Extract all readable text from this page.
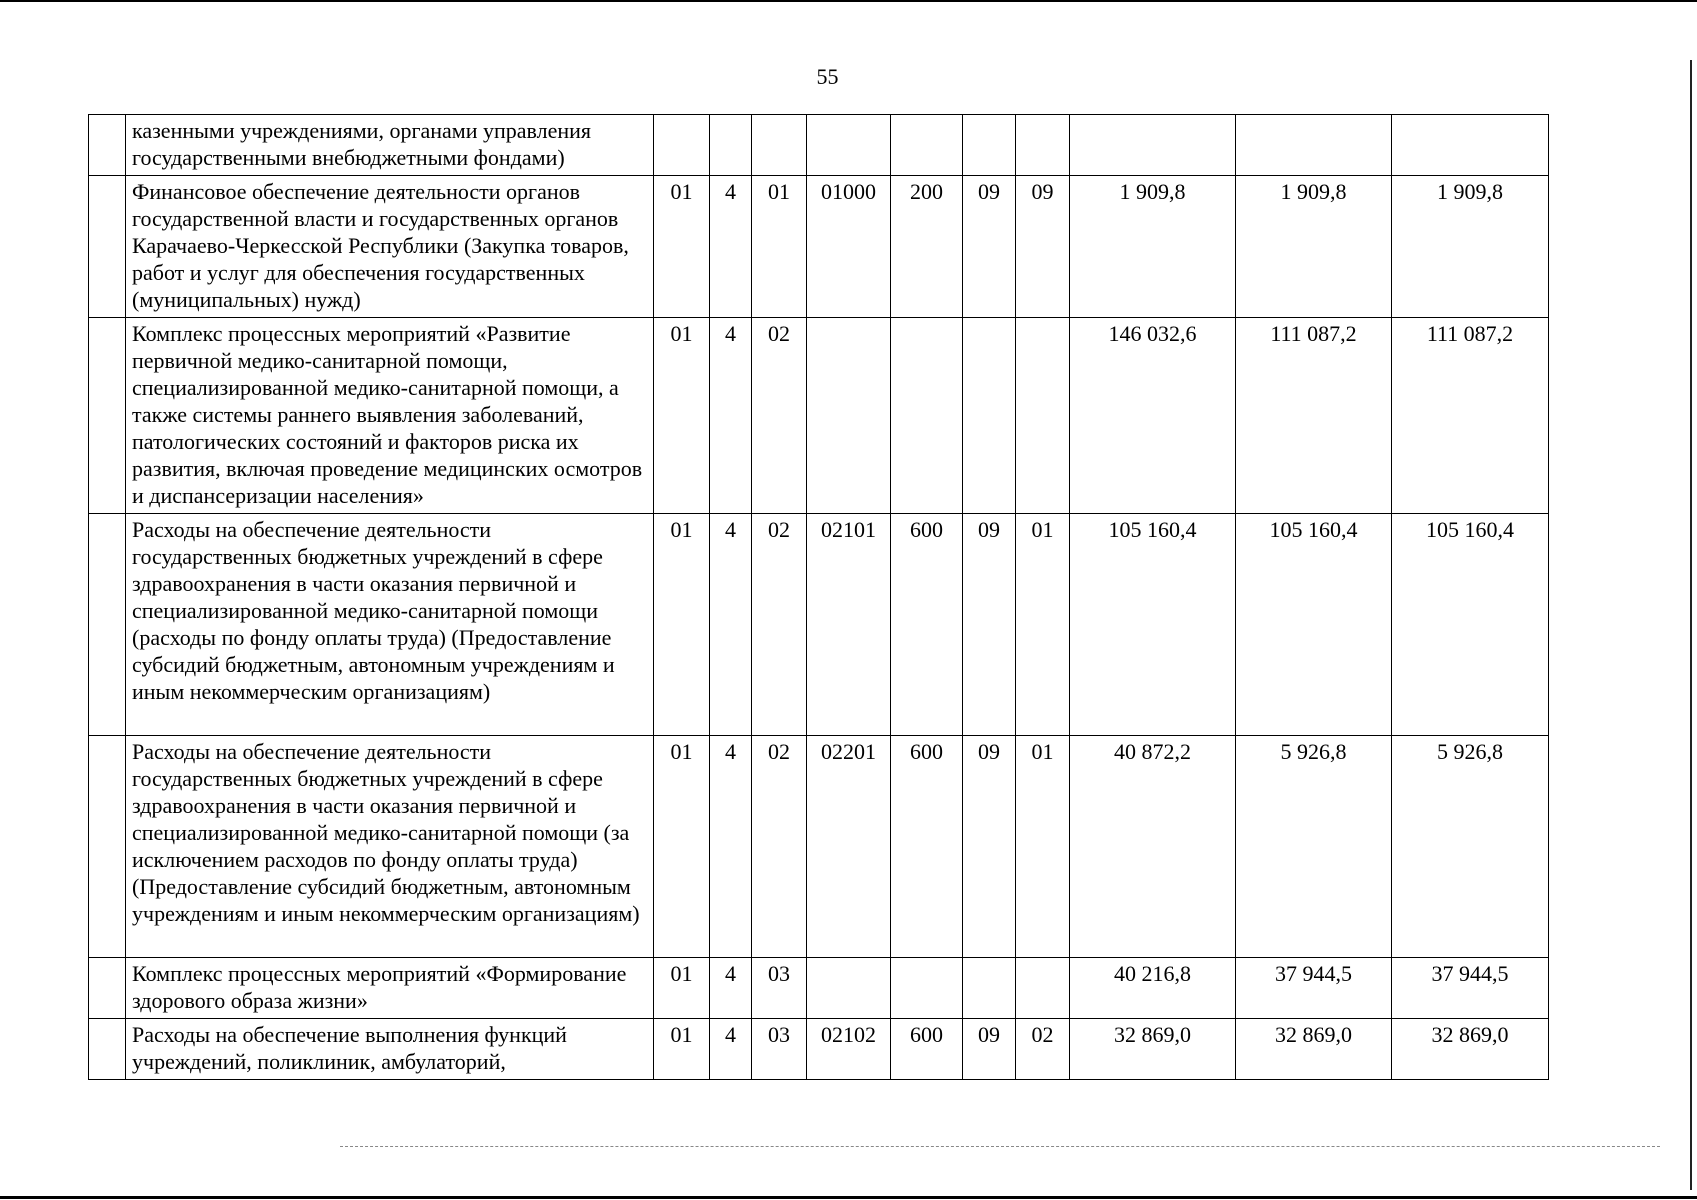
55
	казенными учреждениями, органами управления государственными внебюджетными фондами)										
	Финансовое обеспечение деятельности органов государственной власти и государственных органов Карачаево-Черкесской Республики (Закупка товаров, работ и услуг для обеспечения государственных (муниципальных) нужд)	01	4	01	01000	200	09	09	1 909,8	1 909,8	1 909,8
	Комплекс процессных мероприятий «Развитие первичной медико-санитарной помощи, специализированной медико-санитарной помощи, а также системы раннего выявления заболеваний, патологических состояний и факторов риска их развития, включая проведение медицинских осмотров и диспансеризации населения»	01	4	02					146 032,6	111 087,2	111 087,2
	Расходы на обеспечение деятельности государственных бюджетных учреждений в сфере здравоохранения в части оказания первичной и специализированной медико-санитарной помощи (расходы по фонду оплаты труда) (Предоставление субсидий бюджетным, автономным учреждениям и иным некоммерческим организациям)	01	4	02	02101	600	09	01	105 160,4	105 160,4	105 160,4
	Расходы на обеспечение деятельности государственных бюджетных учреждений в сфере здравоохранения в части оказания первичной и специализированной медико-санитарной помощи (за исключением расходов по фонду оплаты труда) (Предоставление субсидий бюджетным, автономным учреждениям и иным некоммерческим организациям)	01	4	02	02201	600	09	01	40 872,2	5 926,8	5 926,8
	Комплекс процессных мероприятий «Формирование здорового образа жизни»	01	4	03					40 216,8	37 944,5	37 944,5
	Расходы на обеспечение выполнения функций учреждений, поликлиник, амбулаторий,	01	4	03	02102	600	09	02	32 869,0	32 869,0	32 869,0
